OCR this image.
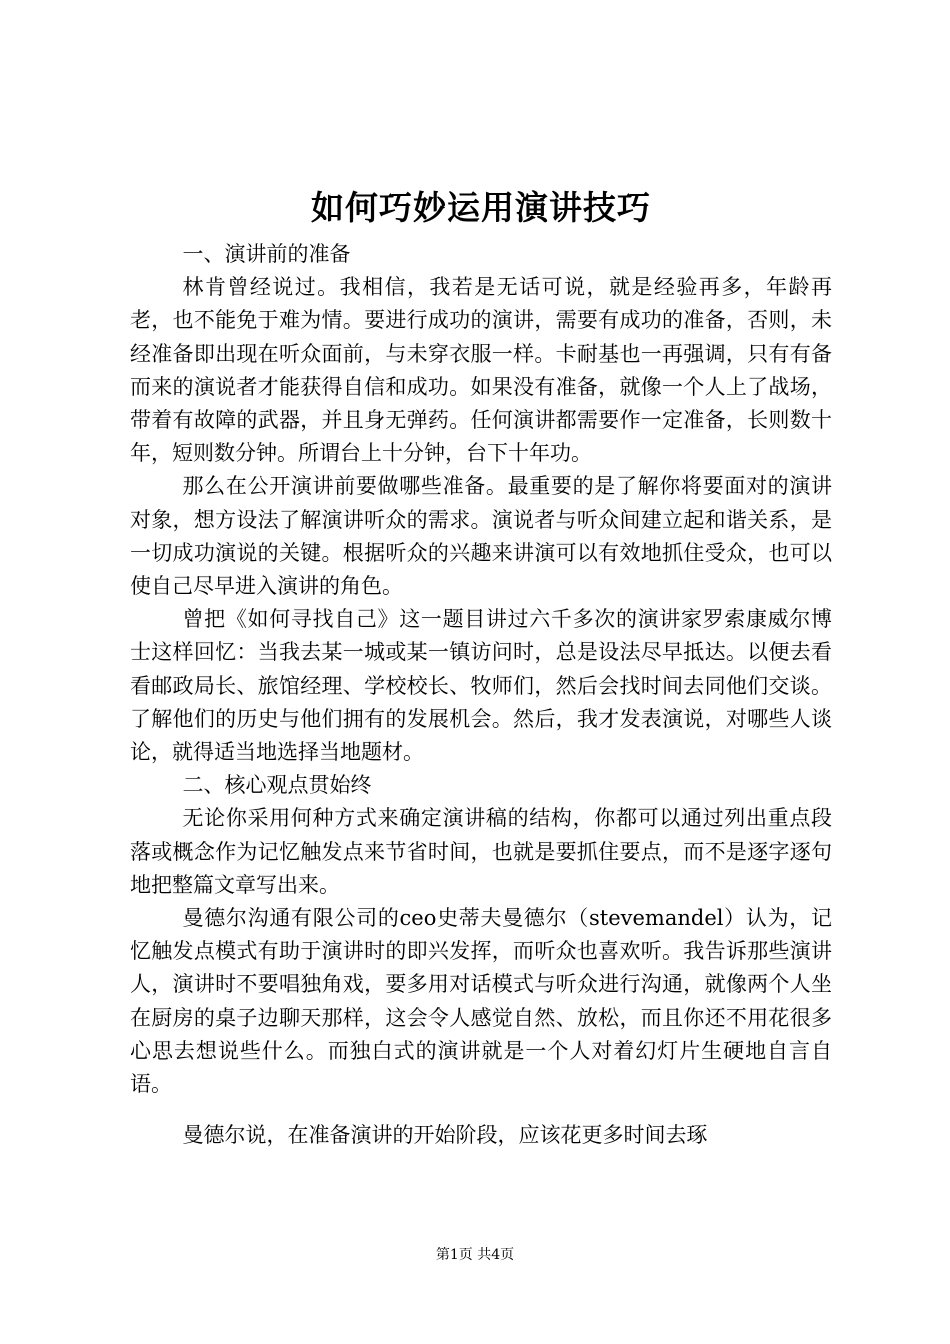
如何巧妙运用演讲技巧

一、演讲前的准备

林肯曾经说过。我相信，我若是无话可说，就是经验再多，年龄再老，也不能免于难为情。要进行成功的演讲，需要有成功的准备，否则，未经准备即出现在听众面前，与未穿衣服一样。卡耐基也一再强调，只有有备而来的演说者才能获得自信和成功。如果没有准备，就像一个人上了战场，带着有故障的武器，并且身无弹药。任何演讲都需要作一定准备，长则数十年，短则数分钟。所谓台上十分钟，台下十年功。

那么在公开演讲前要做哪些准备。最重要的是了解你将要面对的演讲对象，想方设法了解演讲听众的需求。演说者与听众间建立起和谐关系，是一切成功演说的关键。根据听众的兴趣来讲演可以有效地抓住受众，也可以使自己尽早进入演讲的角色。

曾把《如何寻找自己》这一题目讲过六千多次的演讲家罗索康威尔博士这样回忆：当我去某一城或某一镇访问时，总是设法尽早抵达。以便去看看邮政局长、旅馆经理、学校校长、牧师们，然后会找时间去同他们交谈。了解他们的历史与他们拥有的发展机会。然后，我才发表演说，对哪些人谈论，就得适当地选择当地题材。

二、核心观点贯始终

无论你采用何种方式来确定演讲稿的结构，你都可以通过列出重点段落或概念作为记忆触发点来节省时间，也就是要抓住要点，而不是逐字逐句地把整篇文章写出来。

曼德尔沟通有限公司的ceo史蒂夫曼德尔（stevemandel）认为，记忆触发点模式有助于演讲时的即兴发挥，而听众也喜欢听。我告诉那些演讲人，演讲时不要唱独角戏，要多用对话模式与听众进行沟通，就像两个人坐在厨房的桌子边聊天那样，这会令人感觉自然、放松，而且你还不用花很多心思去想说些什么。而独白式的演讲就是一个人对着幻灯片生硬地自言自语。

曼德尔说，在准备演讲的开始阶段，应该花更多时间去琢

第1页 共4页
